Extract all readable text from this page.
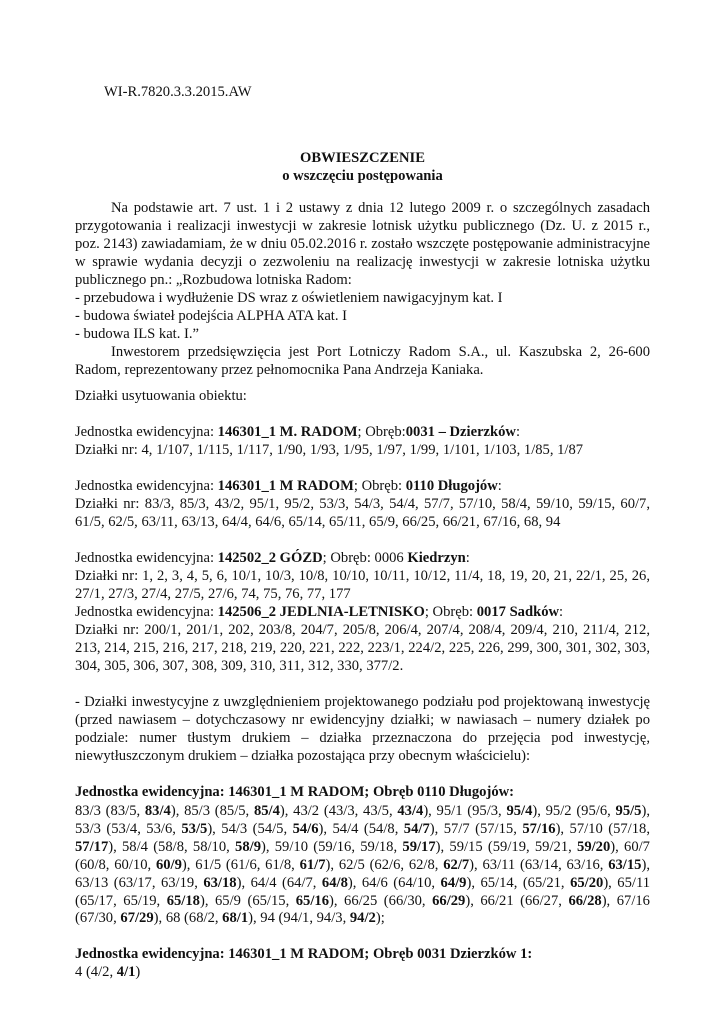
WI-R.7820.3.3.2015.AW
OBWIESZCZENIE
o wszczęciu postępowania
Na podstawie art. 7 ust. 1 i 2 ustawy z dnia 12 lutego 2009 r. o szczególnych zasadach przygotowania i realizacji inwestycji w zakresie lotnisk użytku publicznego (Dz. U. z 2015 r., poz. 2143) zawiadamiam, że w dniu 05.02.2016 r. zostało wszczęte postępowanie administracyjne w sprawie wydania decyzji o zezwoleniu na realizację inwestycji w zakresie lotniska użytku publicznego pn.: „Rozbudowa lotniska Radom:

- przebudowa i wydłużenie DS wraz z oświetleniem nawigacyjnym kat. I

- budowa świateł podejścia ALPHA ATA kat. I

- budowa ILS kat. I.”

Inwestorem przedsięwzięcia jest Port Lotniczy Radom S.A., ul. Kaszubska 2, 26-600 Radom, reprezentowany przez pełnomocnika Pana Andrzeja Kaniaka.
Działki usytuowania obiektu:

Jednostka ewidencyjna: 146301_1 M. RADOM; Obręb:0031 – Dzierzków:

Działki nr: 4, 1/107, 1/115, 1/117, 1/90, 1/93, 1/95, 1/97, 1/99, 1/101, 1/103, 1/85, 1/87

Jednostka ewidencyjna: 146301_1 M RADOM; Obręb: 0110 Długojów:

Działki nr: 83/3, 85/3, 43/2, 95/1, 95/2, 53/3, 54/3, 54/4, 57/7, 57/10, 58/4, 59/10, 59/15, 60/7, 61/5, 62/5, 63/11, 63/13, 64/4, 64/6, 65/14, 65/11, 65/9, 66/25, 66/21, 67/16, 68, 94

Jednostka ewidencyjna: 142502_2 GÓZD; Obręb: 0006 Kiedrzyn:

Działki nr: 1, 2, 3, 4, 5, 6, 10/1, 10/3, 10/8, 10/10, 10/11, 10/12, 11/4, 18, 19, 20, 21, 22/1, 25, 26, 27/1, 27/3, 27/4, 27/5, 27/6, 74, 75, 76, 77, 177

Jednostka ewidencyjna: 142506_2 JEDLNIA-LETNISKO; Obręb: 0017 Sadków:

Działki nr: 200/1, 201/1, 202, 203/8, 204/7, 205/8, 206/4, 207/4, 208/4, 209/4, 210, 211/4, 212, 213, 214, 215, 216, 217, 218, 219, 220, 221, 222, 223/1, 224/2, 225, 226, 299, 300, 301, 302, 303, 304, 305, 306, 307, 308, 309, 310, 311, 312, 330, 377/2.

- Działki inwestycyjne z uwzględnieniem projektowanego podziału pod projektowaną inwestycję (przed nawiasem – dotychczasowy nr ewidencyjny działki; w nawiasach – numery działek po podziale: numer tłustym drukiem – działka przeznaczona do przejęcia pod inwestycję, niewytłuszczonym drukiem – działka pozostająca przy obecnym właścicielu):
Jednostka ewidencyjna: 146301_1 M RADOM; Obręb 0110 Długojów:
83/3 (83/5, 83/4), 85/3 (85/5, 85/4), 43/2 (43/3, 43/5, 43/4), 95/1 (95/3, 95/4), 95/2 (95/6, 95/5), 53/3 (53/4, 53/6, 53/5), 54/3 (54/5, 54/6), 54/4 (54/8, 54/7), 57/7 (57/15, 57/16), 57/10 (57/18, 57/17), 58/4 (58/8, 58/10, 58/9), 59/10 (59/16, 59/18, 59/17), 59/15 (59/19, 59/21, 59/20), 60/7 (60/8, 60/10, 60/9), 61/5 (61/6, 61/8, 61/7), 62/5 (62/6, 62/8, 62/7), 63/11 (63/14, 63/16, 63/15), 63/13 (63/17, 63/19, 63/18), 64/4 (64/7, 64/8), 64/6 (64/10, 64/9), 65/14, (65/21, 65/20), 65/11 (65/17, 65/19, 65/18), 65/9 (65/15, 65/16), 66/25 (66/30, 66/29), 66/21 (66/27, 66/28), 67/16 (67/30, 67/29), 68 (68/2, 68/1), 94 (94/1, 94/3, 94/2);
Jednostka ewidencyjna: 146301_1 M RADOM; Obręb 0031 Dzierzków 1:
4 (4/2, 4/1)
